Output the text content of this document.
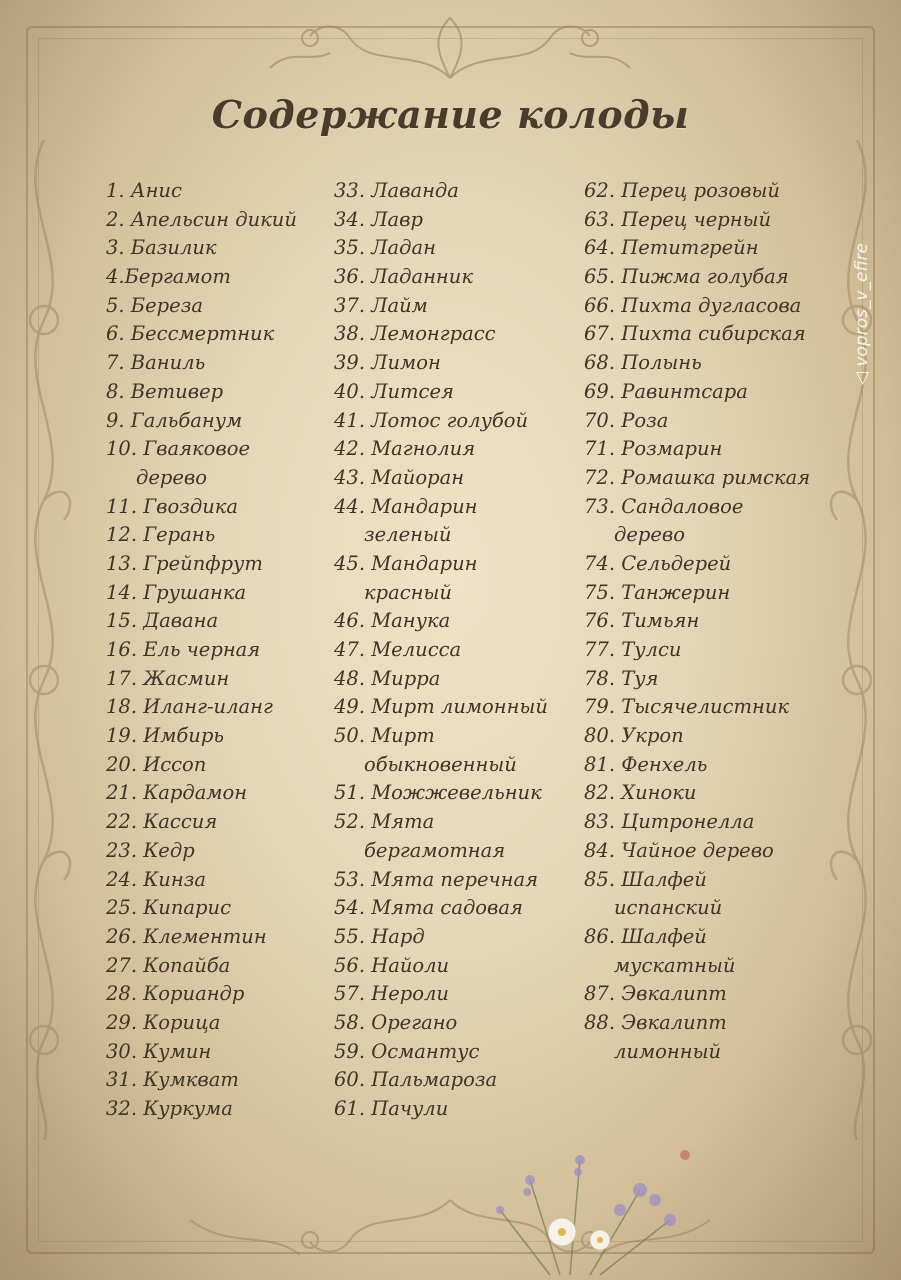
Содержание колоды
1. Анис
2. Апельсин дикий
3. Базилик
4.Бергамот
5. Береза
6. Бессмертник
7. Ваниль
8. Ветивер
9. Гальбанум
10. Гваяковое
дерево
11. Гвоздика
12. Герань
13. Грейпфрут
14. Грушанка
15. Давана
16. Ель черная
17. Жасмин
18. Иланг-иланг
19. Имбирь
20. Иссоп
21. Кардамон
22. Кассия
23. Кедр
24. Кинза
25. Кипарис
26. Клементин
27. Копайба
28. Кориандр
29. Корица
30. Кумин
31. Кумкват
32. Куркума
33. Лаванда
34. Лавр
35. Ладан
36. Ладанник
37. Лайм
38. Лемонграсс
39. Лимон
40. Литсея
41. Лотос голубой
42. Магнолия
43. Майоран
44. Мандарин
зеленый
45. Мандарин
красный
46. Манука
47. Мелисса
48. Мирра
49. Мирт лимонный
50. Мирт
обыкновенный
51. Можжевельник
52. Мята
бергамотная
53. Мята перечная
54. Мята садовая
55. Нард
56. Найоли
57. Нероли
58. Орегано
59. Османтус
60. Пальмароза
61. Пачули
62. Перец розовый
63. Перец черный
64. Петитгрейн
65. Пижма голубая
66. Пихта дугласова
67. Пихта сибирская
68. Полынь
69. Равинтсара
70. Роза
71. Розмарин
72. Ромашка римская
73. Сандаловое
дерево
74. Сельдерей
75. Танжерин
76. Тимьян
77. Тулси
78. Туя
79. Тысячелистник
80. Укроп
81. Фенхель
82. Хиноки
83. Цитронелла
84. Чайное дерево
85. Шалфей
испанский
86. Шалфей
мускатный
87. Эвкалипт
88. Эвкалипт
лимонный
◁ vopros_v_efire
